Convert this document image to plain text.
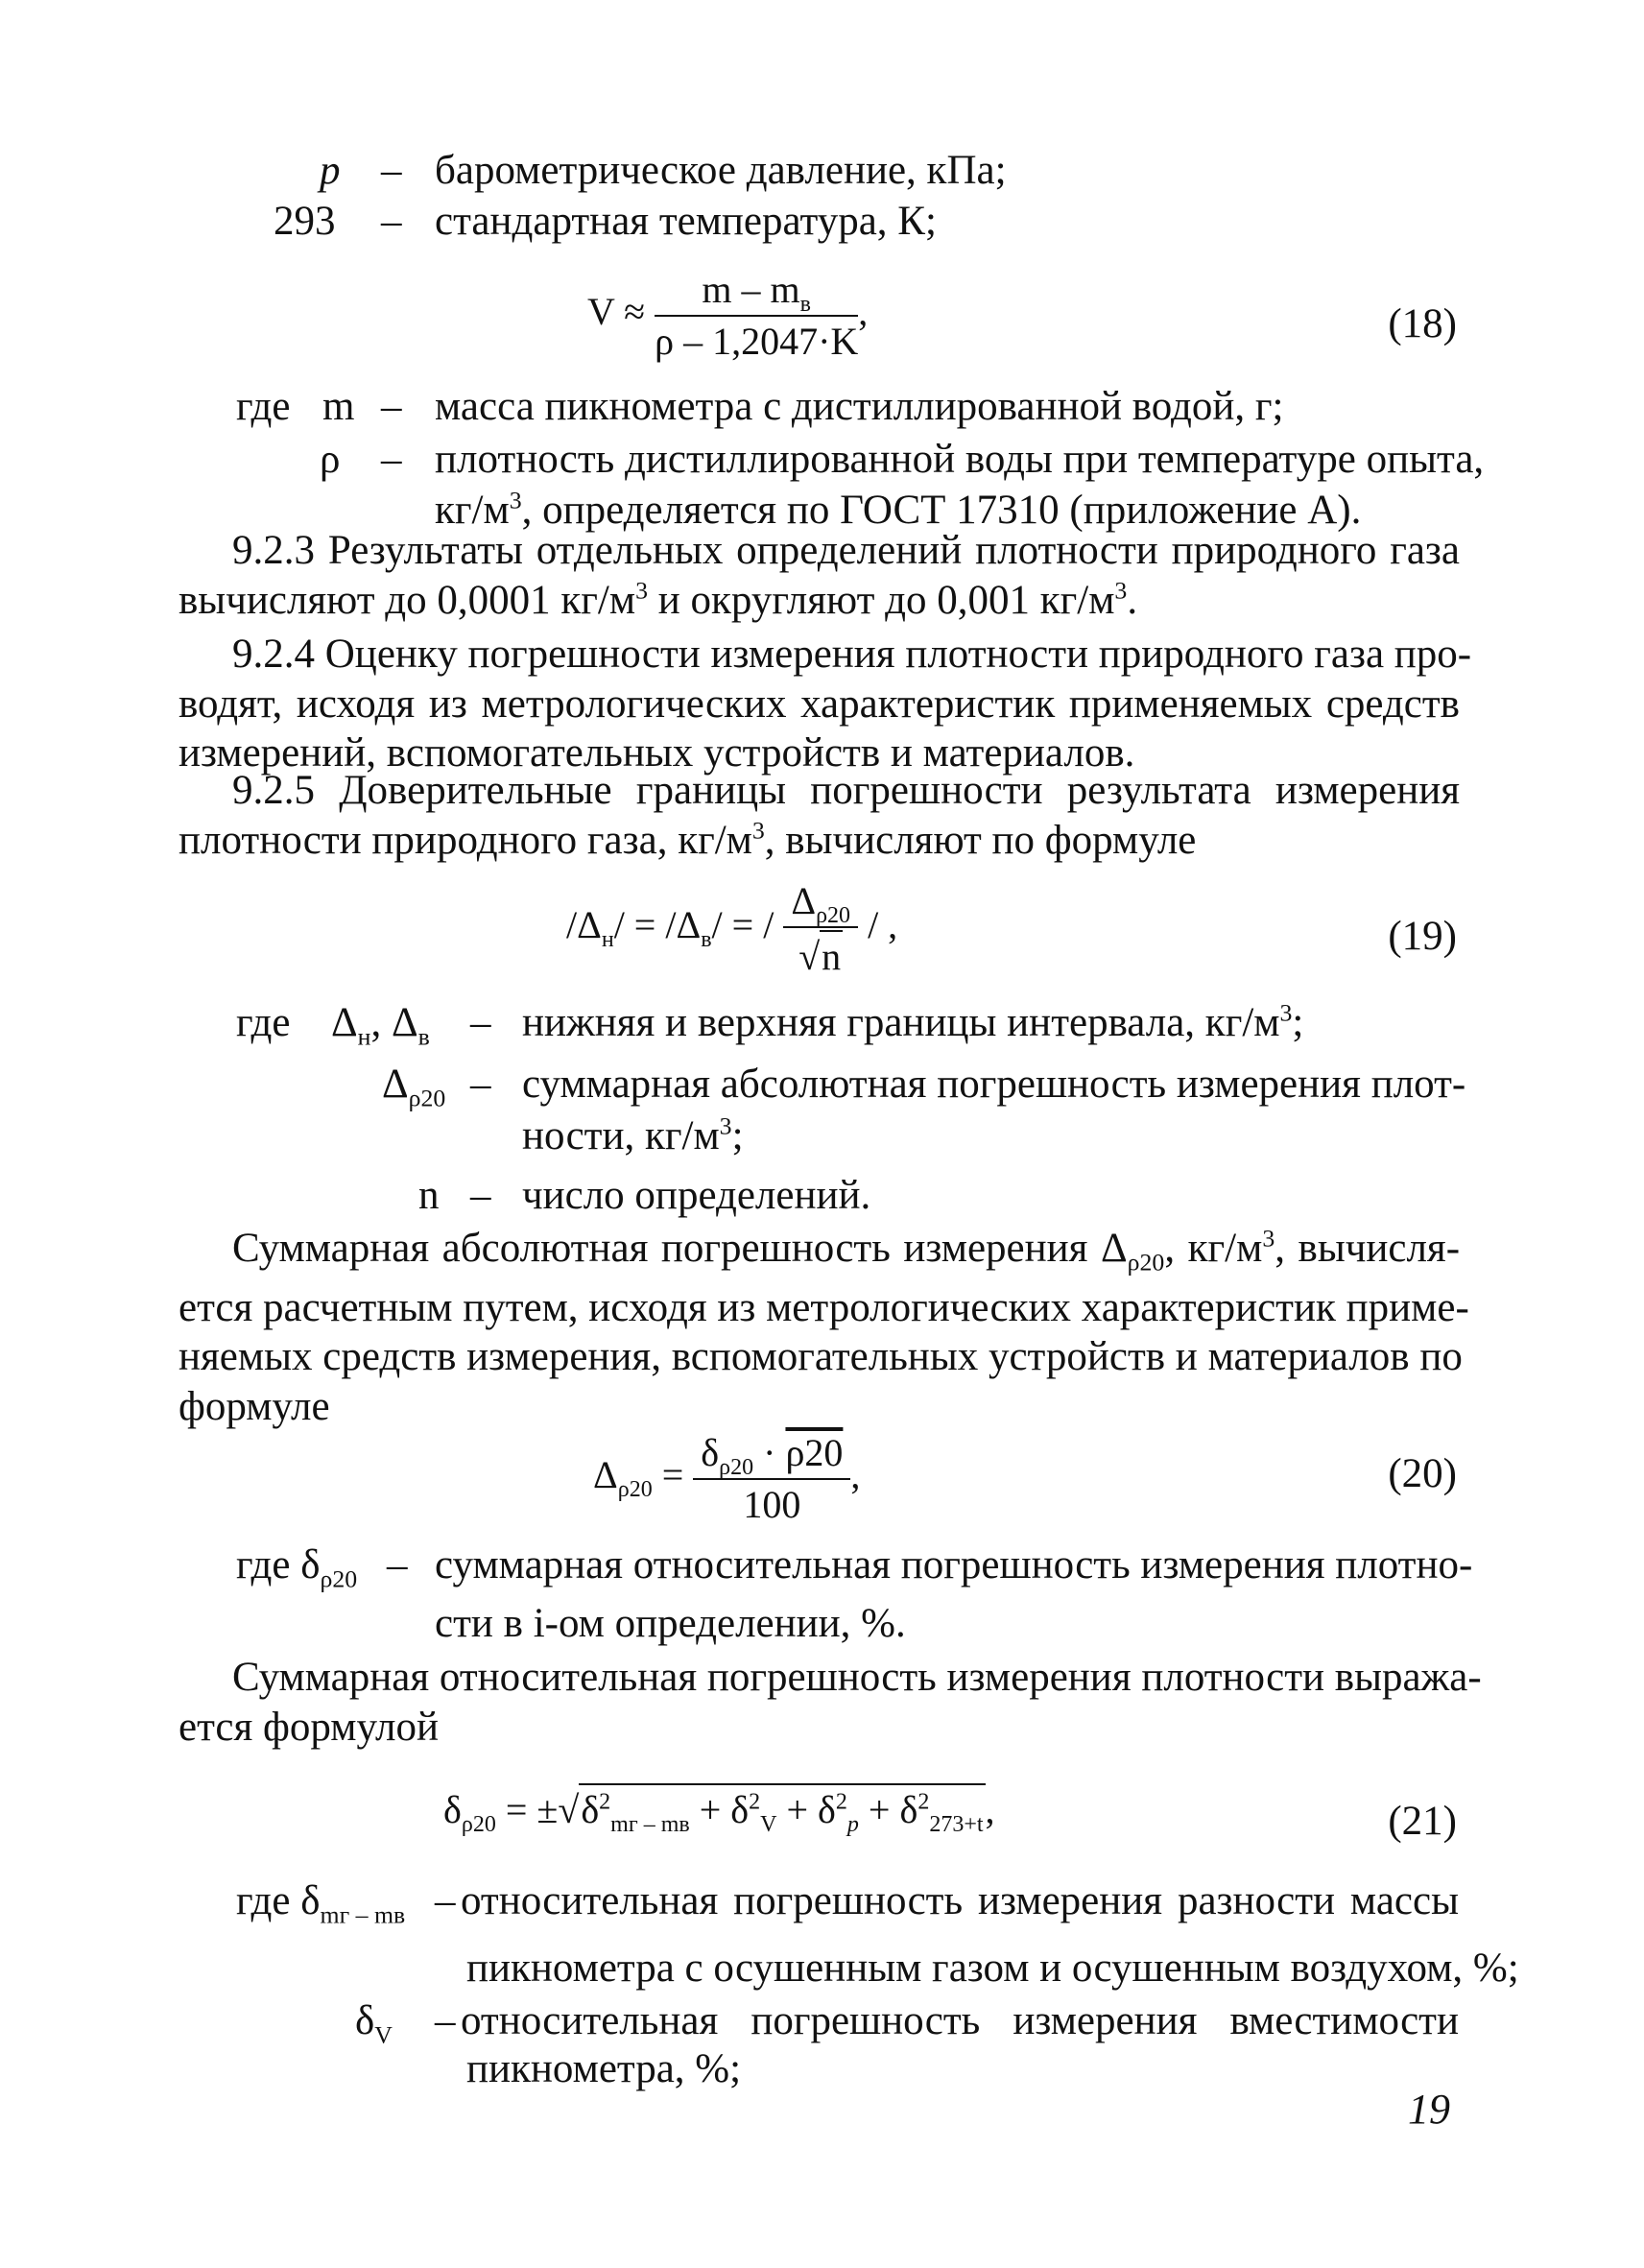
p – барометрическое давление, кПа;
293 – стандартная температура, К;
$V \approx \frac{m - m_в}{\rho - 1,2047\cdot K}$ ,	(18)
где m – масса пикнометра с дистиллированной водой, г;
ρ – плотность дистиллированной воды при температуре опыта,
$кг/м^3$, определяется по ГОСТ 17310 (приложение А).
9.2.3 Результаты отдельных определений плотности природного газа
вычисляют до 0,0001 $кг/м^3$ и округляют до 0,001 $кг/м^3$.
9.2.4 Оценку погрешности измерения плотности природного газа про-
водят, исходя из метрологических характеристик применяемых средств
измерений, вспомогательных устройств и материалов.
9.2.5 Доверительные границы погрешности результата измерения
плотности природного газа, $кг/м^3$, вычисляют по формуле
$/\Delta_н/ = /\Delta_в/$ = / $\frac{\Delta_{\rho 20}}{√n}$ / ,	(19)
где $\Delta_н$, $\Delta_в$ – нижняя и верхняя границы интервала, $кг/м^3$;
$\Delta_{\rho 20}$ – суммарная абсолютная погрешность измерения плот-
ности, $кг/м^3$;
n – число определений.
Суммарная абсолютная погрешность измерения $\Delta_{\rho 20}$, $кг/м^3$, вычисля-
ется расчетным путем, исходя из метрологических характеристик приме-
няемых средств измерения, вспомогательных устройств и материалов по
формуле
$\Delta_{\rho 20} = \frac{\delta_{\rho 20} \cdot \rho 20}{100}$ ,	(20)
где $\delta_{\rho 20}$ – суммарная относительная погрешность измерения плотно-
сти в i-ом определении, %.
Суммарная относительная погрешность измерения плотности выража-
ется формулой
$\delta_{\rho 20} = \pm√\delta^2_{mг - mв} + \delta^2_V + \delta^2_p + \delta^2_{273+t}$,	(21)
где $\delta_{mг - mв}$ – относительная погрешность измерения разности массы
пикнометра с осушенным газом и осушенным воздухом, %;
$\delta_V$ – относительная погрешность измерения вместимости
пикнометра, %;
19
